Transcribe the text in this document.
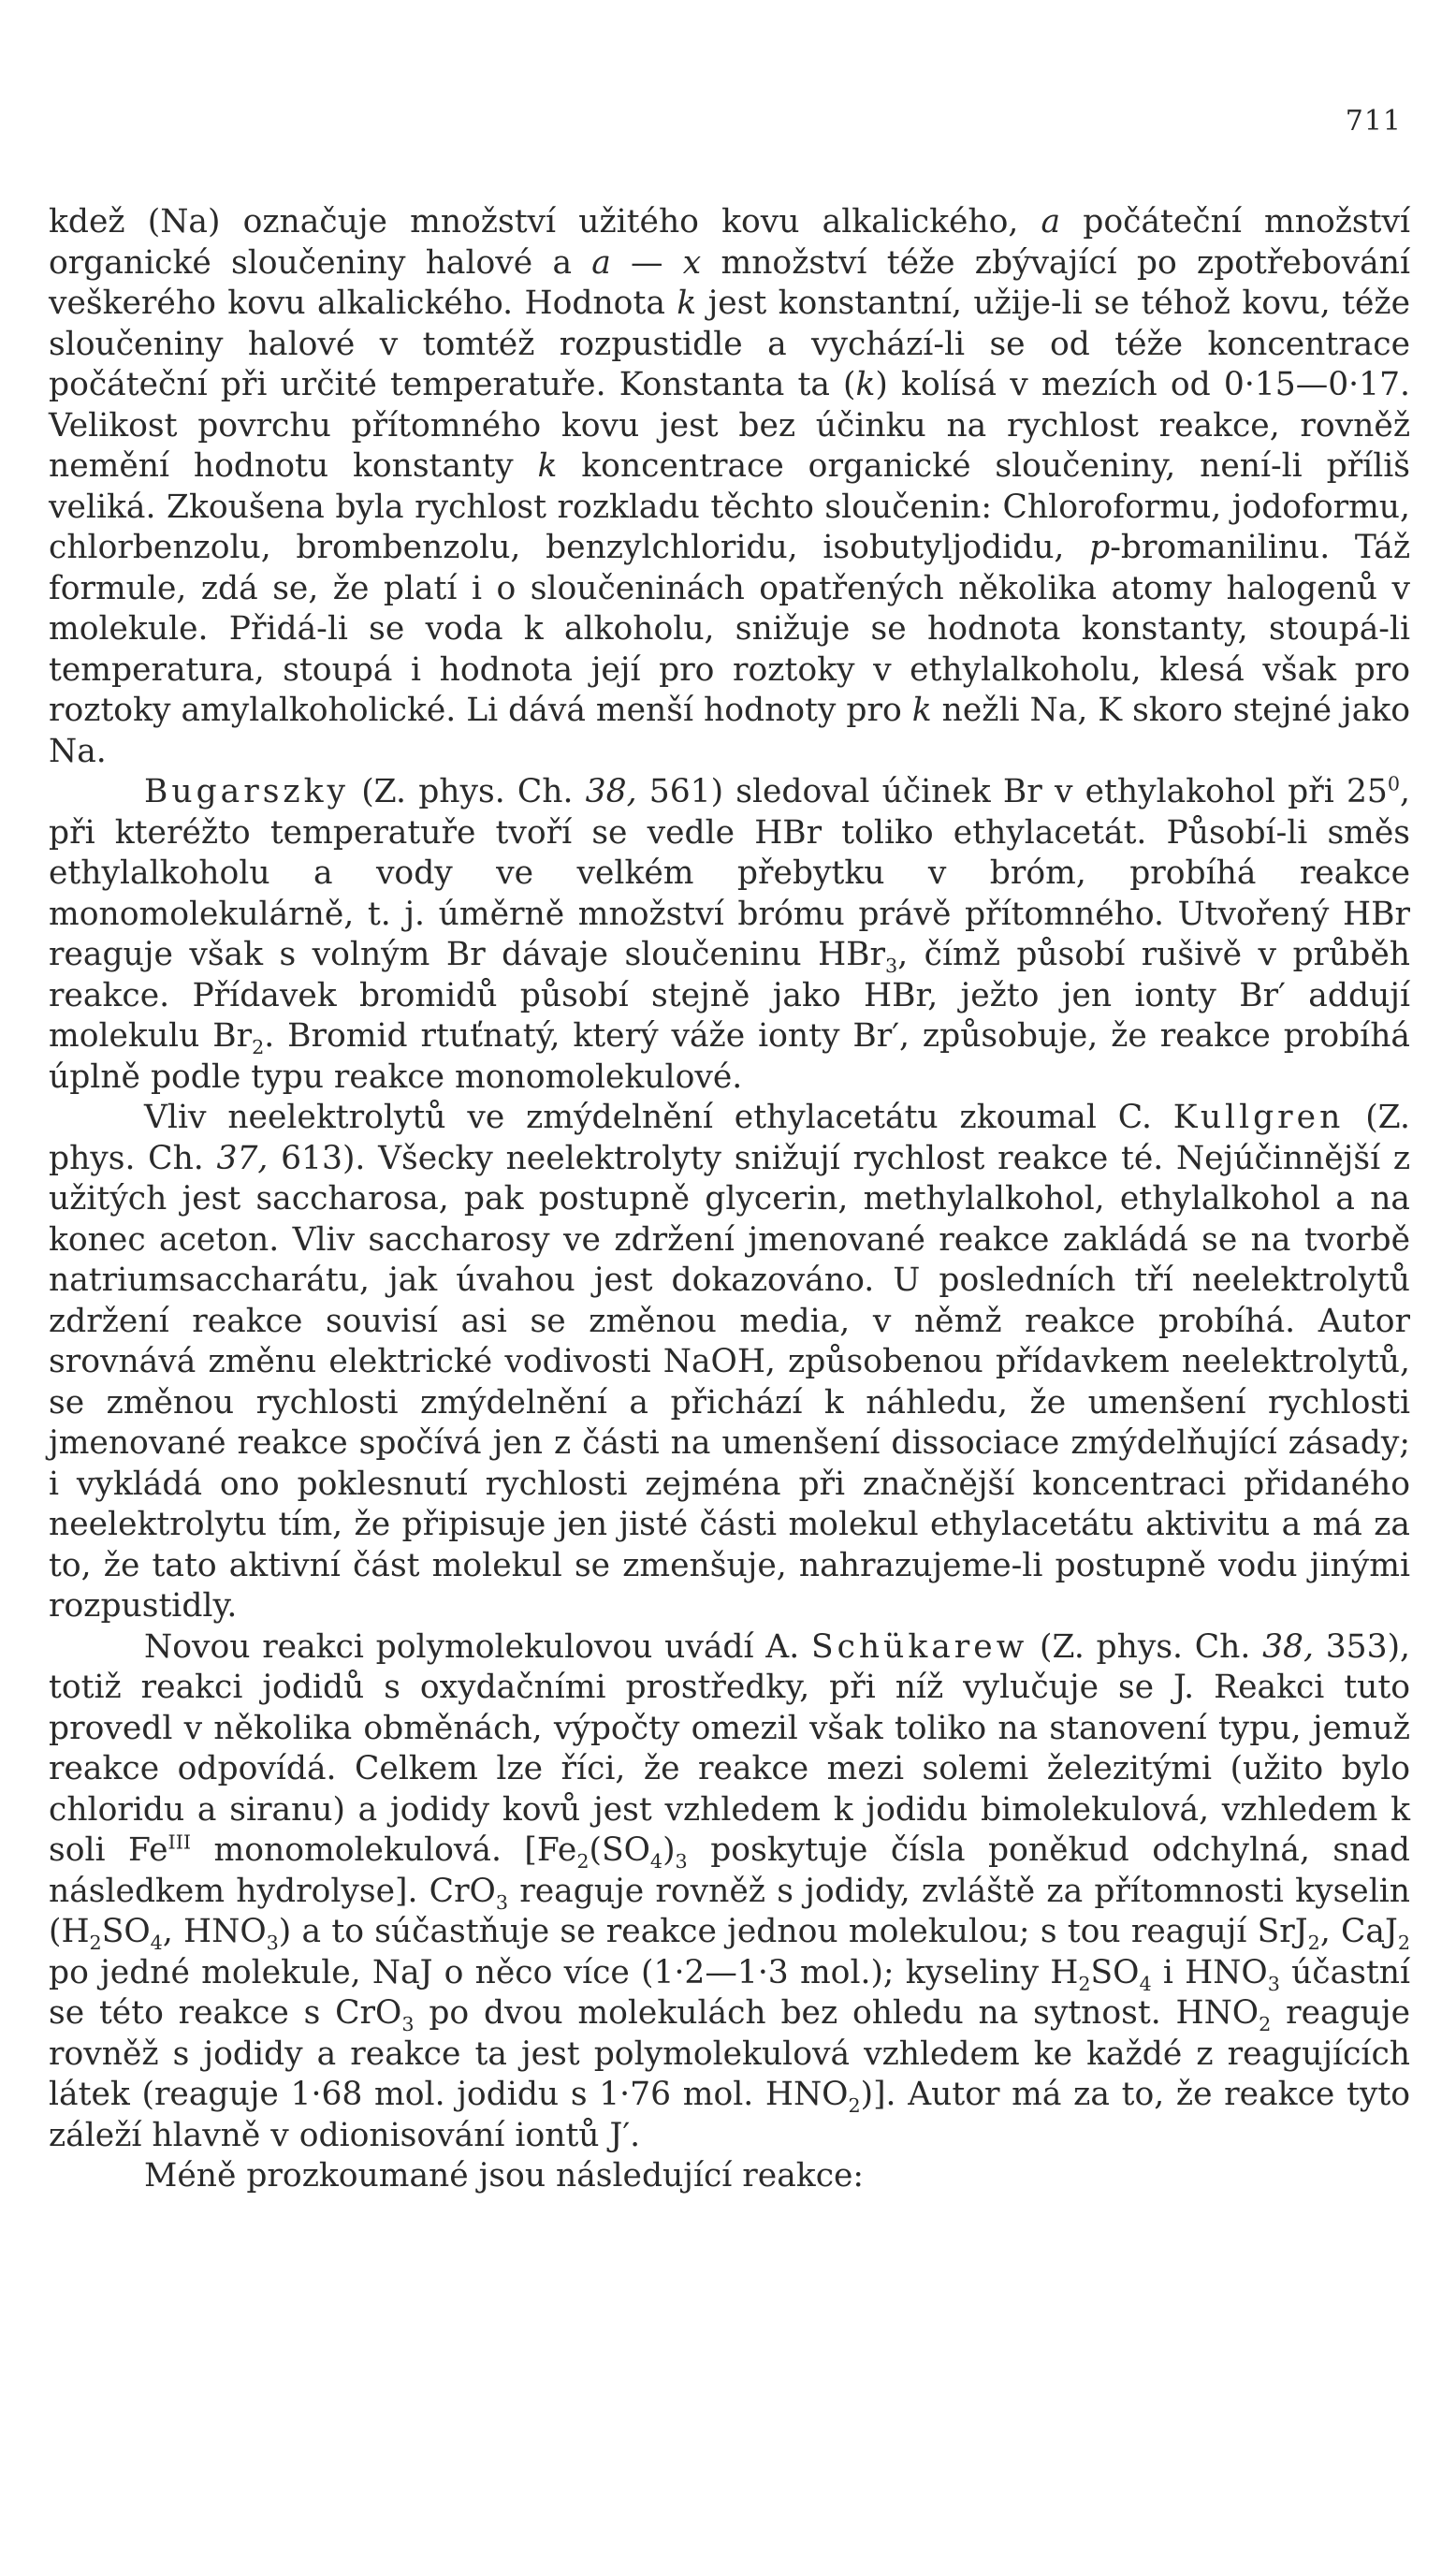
711

kdež (Na) označuje množství užitého kovu alkalického, a počáteční množství organické sloučeniny halové a a — x množství téže zbývající po zpotřebování veškerého kovu alkalického. Hodnota k jest konstantní, užije-li se téhož kovu, téže sloučeniny halové v tomtéž rozpustidle a vychází-li se od téže koncentrace počáteční při určité temperatuře. Konstanta ta (k) kolísá v mezích od 0·15—0·17. Velikost povrchu přítomného kovu jest bez účinku na rychlost reakce, rovněž nemění hodnotu konstanty k koncentrace organické sloučeniny, není-li příliš veliká. Zkoušena byla rychlost rozkladu těchto sloučenin: Chloroformu, jodoformu, chlorbenzolu, brombenzolu, benzylchloridu, isobutyljodidu, p-bromanilinu. Táž formule, zdá se, že platí i o sloučeninách opatřených několika atomy halogenů v molekule. Přidá-li se voda k alkoholu, snižuje se hodnota konstanty, stoupá-li temperatura, stoupá i hodnota její pro roztoky v ethylalkoholu, klesá však pro roztoky amylalkoholické. Li dává menší hodnoty pro k nežli Na, K skoro stejné jako Na.

Bugarszky (Z. phys. Ch. 38, 561) sledoval účinek Br v ethylakohol při $25^0$, při kteréžto temperatuře tvoří se vedle HBr toliko ethylacetát. Působí-li směs ethylalkoholu a vody ve velkém přebytku v bróm, probíhá reakce monomolekulárně, t. j. úměrně množství brómu právě přítomného. Utvořený HBr reaguje však s volným Br dávaje sloučeninu HBr$_3$, čímž působí rušivě v průběh reakce. Přídavek bromidů působí stejně jako HBr, ježto jen ionty Br′ addují molekulu $Br_2$. Bromid rtuťnatý, který váže ionty Br′, způsobuje, že reakce probíhá úplně podle typu reakce monomolekulové.

Vliv neelektrolytů ve zmýdelnění ethylacetátu zkoumal C. Kullgren (Z. phys. Ch. 37, 613). Všecky neelektrolyty snižují rychlost reakce té. Nejúčinnější z užitých jest saccharosa, pak postupně glycerin, methylalkohol, ethylalkohol a na konec aceton. Vliv saccharosy ve zdržení jmenované reakce zakládá se na tvorbě natriumsaccharátu, jak úvahou jest dokazováno. U posledních tří neelektrolytů zdržení reakce souvisí asi se změnou media, v němž reakce probíhá. Autor srovnává změnu elektrické vodivosti NaOH, způsobenou přídavkem neelektrolytů, se změnou rychlosti zmýdelnění a přichází k náhledu, že umenšení rychlosti jmenované reakce spočívá jen z části na umenšení dissociace zmýdelňující zásady; i vykládá ono poklesnutí rychlosti zejména při značnější koncentraci přidaného neelektrolytu tím, že připisuje jen jisté části molekul ethylacetátu aktivitu a má za to, že tato aktivní část molekul se zmenšuje, nahrazujeme-li postupně vodu jinými rozpustidly.

Novou reakci polymolekulovou uvádí A. Schükarew (Z. phys. Ch. 38, 353), totiž reakci jodidů s oxydačními prostředky, při níž vylučuje se J. Reakci tuto provedl v několika obměnách, výpočty omezil však toliko na stanovení typu, jemuž reakce odpovídá. Celkem lze říci, že reakce mezi solemi železitými (užito bylo chloridu a siranu) a jodidy kovů jest vzhledem k jodidu bimolekulová, vzhledem k soli $Fe^{III}$ monomolekulová. [$Fe_2(SO_4)_3$ poskytuje čísla poněkud odchylná, snad následkem hydrolyse]. CrO$_3$ reaguje rovněž s jodidy, zvláště za přítomnosti kyselin ($H_2SO_4$, $HNO_3$) a to súčastňuje se reakce jednou molekulou; s tou reagují SrJ$_2$, CaJ$_2$ po jedné molekule, NaJ o něco více (1·2—1·3 mol.); kyseliny $H_2SO_4$ i $HNO_3$ účastní se této reakce s CrO$_3$ po dvou molekulách bez ohledu na sytnost. $HNO_2$ reaguje rovněž s jodidy a reakce ta jest polymolekulová vzhledem ke každé z reagujících látek (reaguje 1·68 mol. jodidu s 1·76 mol. $HNO_2$)]. Autor má za to, že reakce tyto záleží hlavně v odionisování iontů J′.

Méně prozkoumané jsou následující reakce:
